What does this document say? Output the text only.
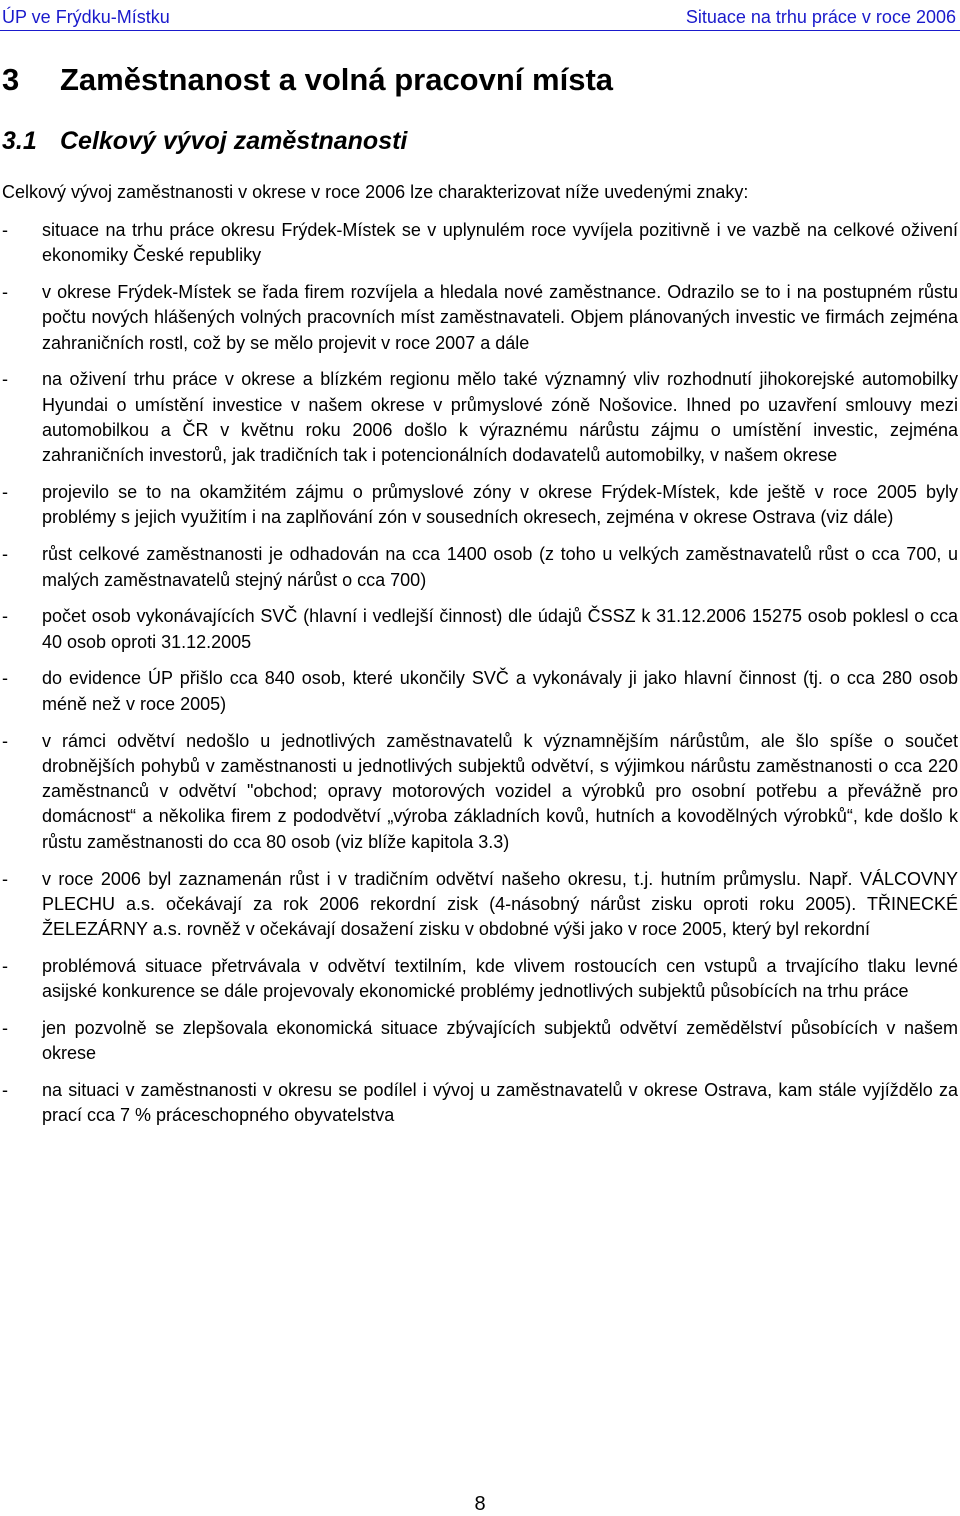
ÚP ve Frýdku-Místku	Situace na trhu práce v roce 2006
3 Zaměstnanost a volná pracovní místa
3.1 Celkový vývoj zaměstnanosti
Celkový vývoj zaměstnanosti v okrese v roce 2006 lze charakterizovat níže uvedenými znaky:
- situace na trhu práce okresu Frýdek-Místek se v uplynulém roce vyvíjela pozitivně i ve vazbě na celkové oživení ekonomiky České republiky
- v okrese Frýdek-Místek se řada firem rozvíjela a hledala nové zaměstnance. Odrazilo se to i na postupném růstu počtu nových hlášených volných pracovních míst zaměstnavateli. Objem plánovaných investic ve firmách zejména zahraničních rostl, což by se mělo projevit v roce 2007 a dále
- na oživení trhu práce v okrese a blízkém regionu mělo také významný vliv rozhodnutí jihokorejské automobilky Hyundai o umístění investice v našem okrese v průmyslové zóně Nošovice. Ihned po uzavření smlouvy mezi automobilkou a ČR v květnu roku 2006 došlo k výraznému nárůstu zájmu o umístění investic, zejména zahraničních investorů, jak tradičních tak i potencionálních dodavatelů automobilky, v našem okrese
- projevilo se to na okamžitém zájmu o průmyslové zóny v okrese Frýdek-Místek, kde ještě v roce 2005 byly problémy s jejich využitím i na zaplňování zón v sousedních okresech, zejména v okrese Ostrava (viz dále)
- růst celkové zaměstnanosti je odhadován na cca 1400 osob (z toho u velkých zaměstnavatelů růst o cca 700, u malých zaměstnavatelů stejný nárůst o cca 700)
- počet osob vykonávajících SVČ (hlavní i vedlejší činnost) dle údajů ČSSZ k 31.12.2006 15275 osob poklesl o cca 40 osob oproti 31.12.2005
- do evidence ÚP přišlo cca 840 osob, které ukončily SVČ a vykonávaly ji jako hlavní činnost (tj. o cca 280 osob méně než v roce 2005)
- v rámci odvětví nedošlo u jednotlivých zaměstnavatelů k významnějším nárůstům, ale šlo spíše o součet drobnějších pohybů v zaměstnanosti u jednotlivých subjektů odvětví, s výjimkou nárůstu zaměstnanosti o cca 220 zaměstnanců v odvětví "obchod; opravy motorových vozidel a výrobků pro osobní potřebu a převážně pro domácnost“ a několika firem z pododvětví „výroba základních kovů, hutních a kovodělných výrobků“, kde došlo k růstu zaměstnanosti do cca 80 osob (viz blíže kapitola 3.3)
- v roce 2006 byl zaznamenán růst i v tradičním odvětví našeho okresu, t.j. hutním průmyslu. Např. VÁLCOVNY PLECHU a.s. očekávají za rok 2006 rekordní zisk (4-násobný nárůst zisku oproti roku 2005). TŘINECKÉ ŽELEZÁRNY a.s. rovněž v očekávají dosažení zisku v obdobné výši jako v roce 2005, který byl rekordní
- problémová situace přetrvávala v odvětví textilním, kde vlivem rostoucích cen vstupů a trvajícího tlaku levné asijské konkurence se dále projevovaly ekonomické problémy jednotlivých subjektů působících na trhu práce
- jen pozvolně se zlepšovala ekonomická situace zbývajících subjektů odvětví zemědělství působících v našem okrese
- na situaci v zaměstnanosti v okresu se podílel i vývoj u zaměstnavatelů v okrese Ostrava, kam stále vyjíždělo za prací cca 7 % práceschopného obyvatelstva
8
